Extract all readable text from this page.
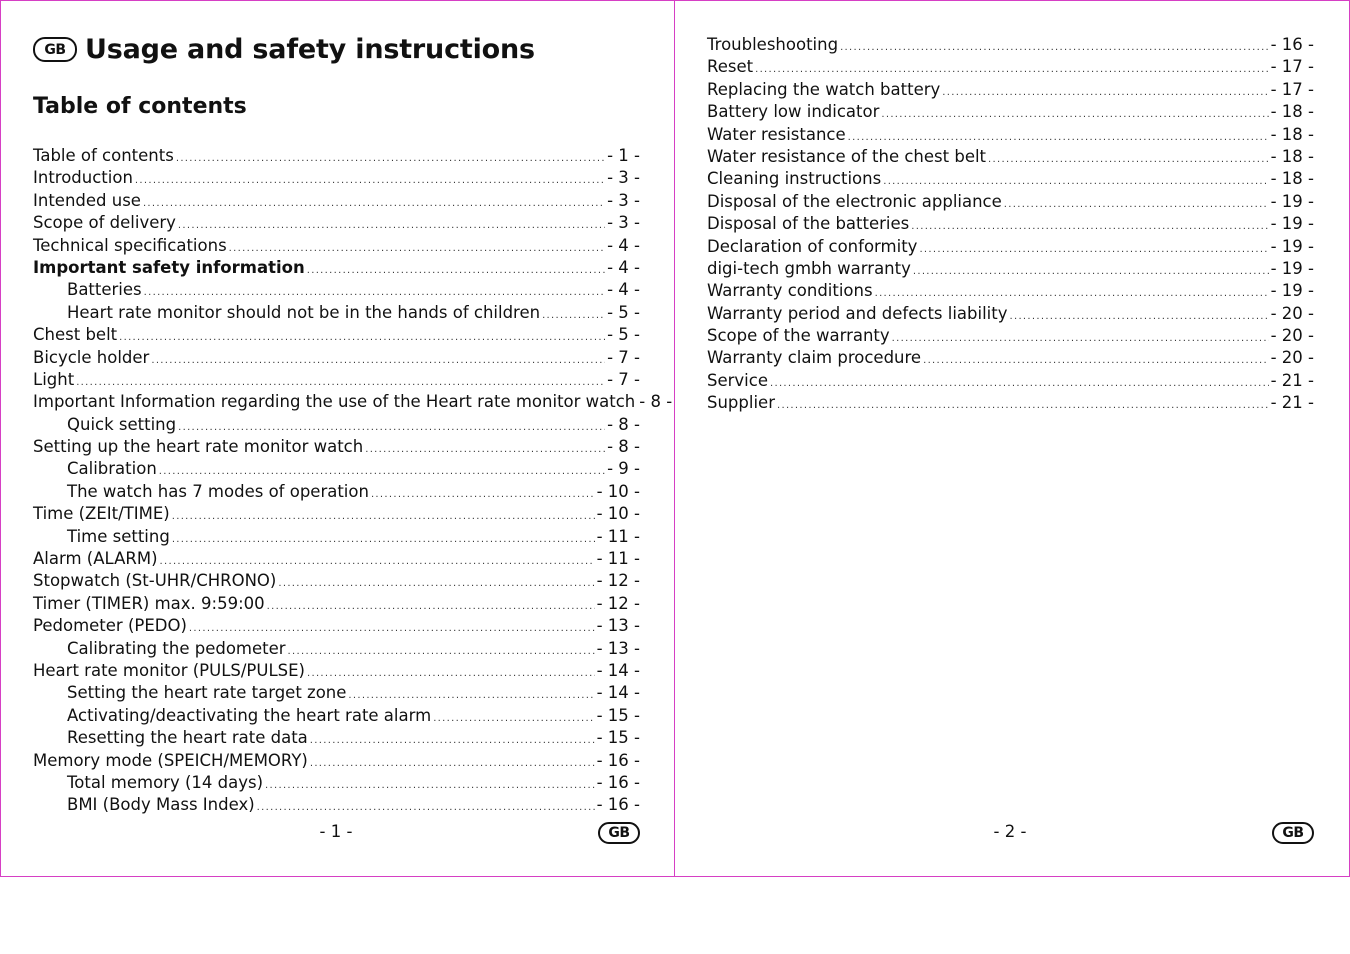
GB Usage and safety instructions
Table of contents
Table of contents .....	- 1 -
Introduction .....	- 3 -
Intended use .....	- 3 -
Scope of delivery .....	- 3 -
Technical specifications .....	- 4 -
Important safety information .....	- 4 -
Batteries .....	- 4 -
Heart rate monitor should not be in the hands of children .....	- 5 -
Chest belt .....	- 5 -
Bicycle holder .....	- 7 -
Light .....	- 7 -
Important Information regarding the use of the Heart rate monitor watch - 8 -
Quick setting .....	- 8 -
Setting up the heart rate monitor watch .....	- 8 -
Calibration .....	- 9 -
The watch has 7 modes of operation .....	- 10 -
Time (ZEIt/TIME) .....	- 10 -
Time setting .....	- 11 -
Alarm (ALARM) .....	- 11 -
Stopwatch (St-UHR/CHRONO) .....	- 12 -
Timer (TIMER) max. 9:59:00 .....	- 12 -
Pedometer (PEDO) .....	- 13 -
Calibrating the pedometer .....	- 13 -
Heart rate monitor (PULS/PULSE) .....	- 14 -
Setting the heart rate target zone .....	- 14 -
Activating/deactivating the heart rate alarm .....	- 15 -
Resetting the heart rate data .....	- 15 -
Memory mode (SPEICH/MEMORY) .....	- 16 -
Total memory (14 days) .....	- 16 -
BMI (Body Mass Index) .....	- 16 -
- 1 -	GB
Troubleshooting .....	- 16 -
Reset .....	- 17 -
Replacing the watch battery .....	- 17 -
Battery low indicator .....	- 18 -
Water resistance .....	- 18 -
Water resistance of the chest belt .....	- 18 -
Cleaning instructions .....	- 18 -
Disposal of the electronic appliance .....	- 19 -
Disposal of the batteries .....	- 19 -
Declaration of conformity .....	- 19 -
digi-tech gmbh warranty .....	- 19 -
Warranty conditions .....	- 19 -
Warranty period and defects liability .....	- 20 -
Scope of the warranty .....	- 20 -
Warranty claim procedure .....	- 20 -
Service .....	- 21 -
Supplier .....	- 21 -
- 2 -	GB
